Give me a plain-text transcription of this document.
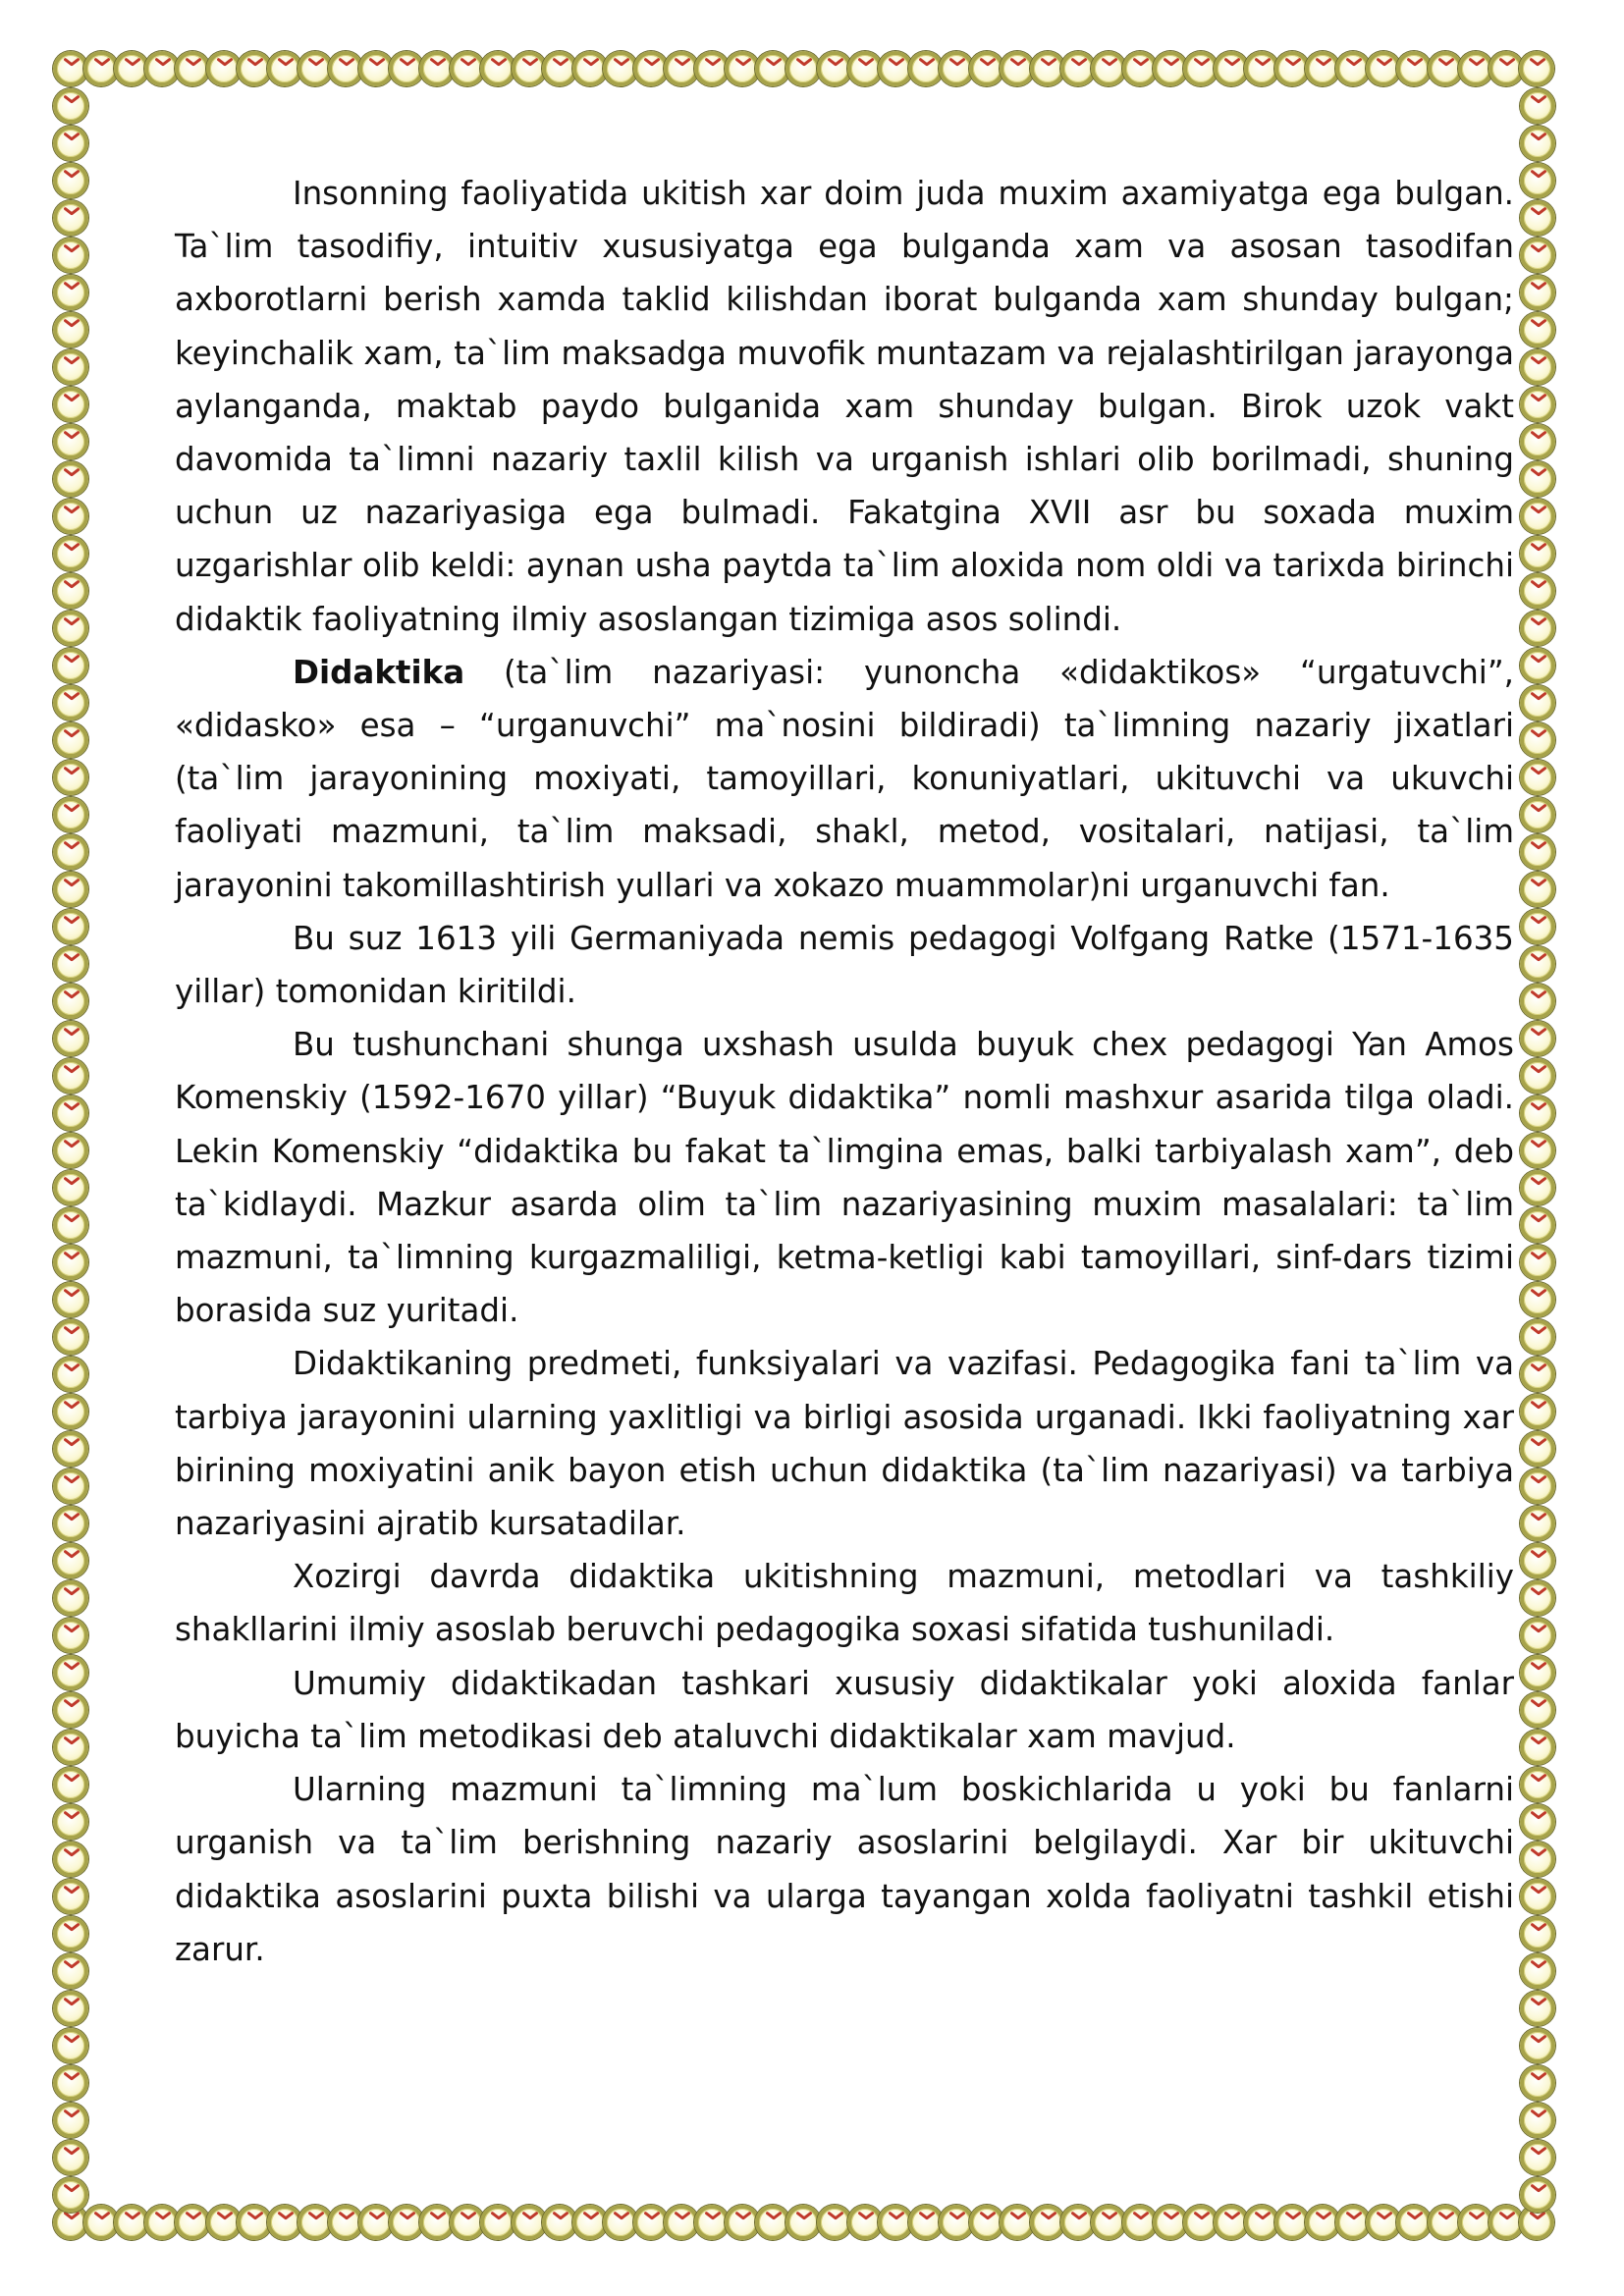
Insonning faoliyatida ukitish xar doim juda muxim axamiyatga ega bulgan. Ta`lim tasodifiy, intuitiv xususiyatga ega bulganda xam va asosan tasodifan axborotlarni berish xamda taklid kilishdan iborat bulganda xam shunday bulgan; keyinchalik xam, ta`lim maksadga muvofik muntazam va rejalashtirilgan jarayonga aylanganda, maktab paydo bulganida xam shunday bulgan. Birok uzok vakt davomida ta`limni nazariy taxlil kilish va urganish ishlari olib borilmadi, shuning uchun uz nazariyasiga ega bulmadi. Fakatgina XVII asr bu soxada muxim uzgarishlar olib keldi: aynan usha paytda ta`lim aloxida nom oldi va tarixda birinchi didaktik faoliyatning ilmiy asoslangan tizimiga asos solindi.

Didaktika (ta`lim nazariyasi: yunoncha «didaktikos» “urgatuvchi”, «didasko» esa – “urganuvchi” ma`nosini bildiradi) ta`limning nazariy jixatlari (ta`lim jarayonining moxiyati, tamoyillari, konuniyatlari, ukituvchi va ukuvchi faoliyati mazmuni, ta`lim maksadi, shakl, metod, vositalari, natijasi, ta`lim jarayonini takomillashtirish yullari va xokazo muammolar)ni urganuvchi fan.

Bu suz 1613 yili Germaniyada nemis pedagogi Volfgang Ratke (1571-1635 yillar) tomonidan kiritildi.

Bu tushunchani shunga uxshash usulda buyuk chex pedagogi Yan Amos Komenskiy (1592-1670 yillar) “Buyuk didaktika” nomli mashxur asarida tilga oladi. Lekin Komenskiy “didaktika bu fakat ta`limgina emas, balki tarbiyalash xam”, deb ta`kidlaydi. Mazkur asarda olim ta`lim nazariyasining muxim masalalari: ta`lim mazmuni, ta`limning kurgazmaliligi, ketma-ketligi kabi tamoyillari, sinf-dars tizimi borasida suz yuritadi.

Didaktikaning predmeti, funksiyalari va vazifasi. Pedagogika fani ta`lim va tarbiya jarayonini ularning yaxlitligi va birligi asosida urganadi. Ikki faoliyatning xar birining moxiyatini anik bayon etish uchun didaktika (ta`lim nazariyasi) va tarbiya nazariyasini ajratib kursatadilar.

Xozirgi davrda didaktika ukitishning mazmuni, metodlari va tashkiliy shakllarini ilmiy asoslab beruvchi pedagogika soxasi sifatida tushuniladi.

Umumiy didaktikadan tashkari xususiy didaktikalar yoki aloxida fanlar buyicha ta`lim metodikasi deb ataluvchi didaktikalar xam mavjud.

Ularning mazmuni ta`limning ma`lum boskichlarida u yoki bu fanlarni urganish va ta`lim berishning nazariy asoslarini belgilaydi. Xar bir ukituvchi didaktika asoslarini puxta bilishi va ularga tayangan xolda faoliyatni tashkil etishi zarur.
